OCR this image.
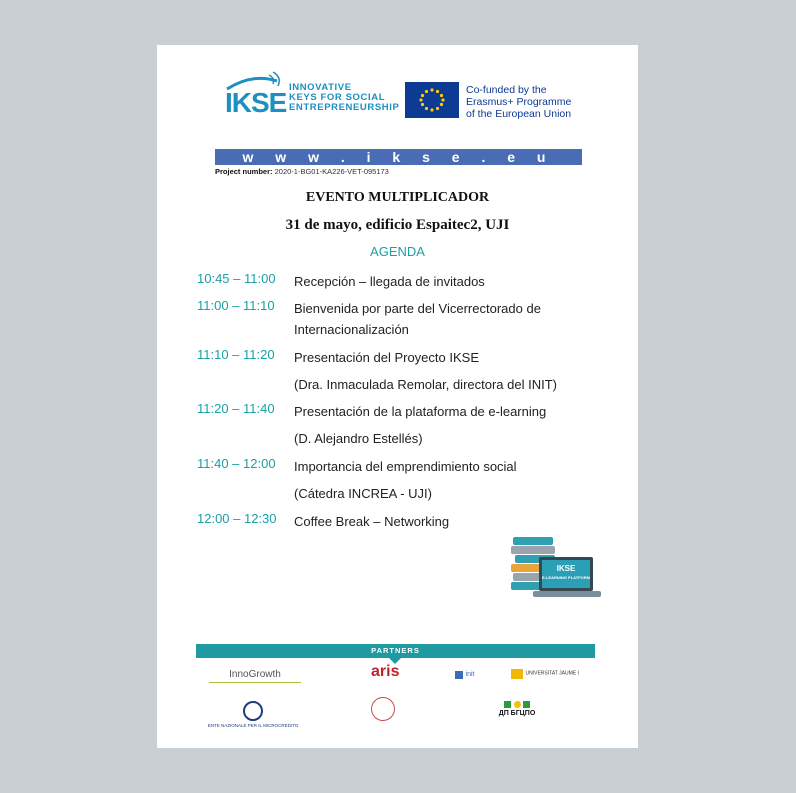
IKSE INNOVATIVE
KEYS FOR SOCIAL
ENTREPRENEURSHIP
Co-funded by the
Erasmus+ Programme
of the European Union
w w w . i k s e . e u
Project number: 2020-1-BG01-KA226-VET-095173
EVENTO MULTIPLICADOR
31 de mayo, edificio Espaitec2, UJI
AGENDA
10:45 – 11:00	Recepción – llegada de invitados
11:00 – 11:10	Bienvenida por parte del Vicerrectorado de
Internacionalización
11:10 – 11:20	Presentación del Proyecto IKSE
(Dra. Inmaculada Remolar, directora del INIT)
11:20 – 11:40	Presentación de la plataforma de e-learning
(D. Alejandro Estellés)
11:40 – 12:00	Importancia del emprendimiento social
(Cátedra INCREA - UJI)
12:00 – 12:30	Coffee Break – Networking
IKSE
E-LEARNING PLATFORM
PARTNERS
InnoGrowth	aris	init	UNIVERSITAT JAUME I
ENTE NAZIONALE PER IL MICROCREDITO

ДП БГЦПО
